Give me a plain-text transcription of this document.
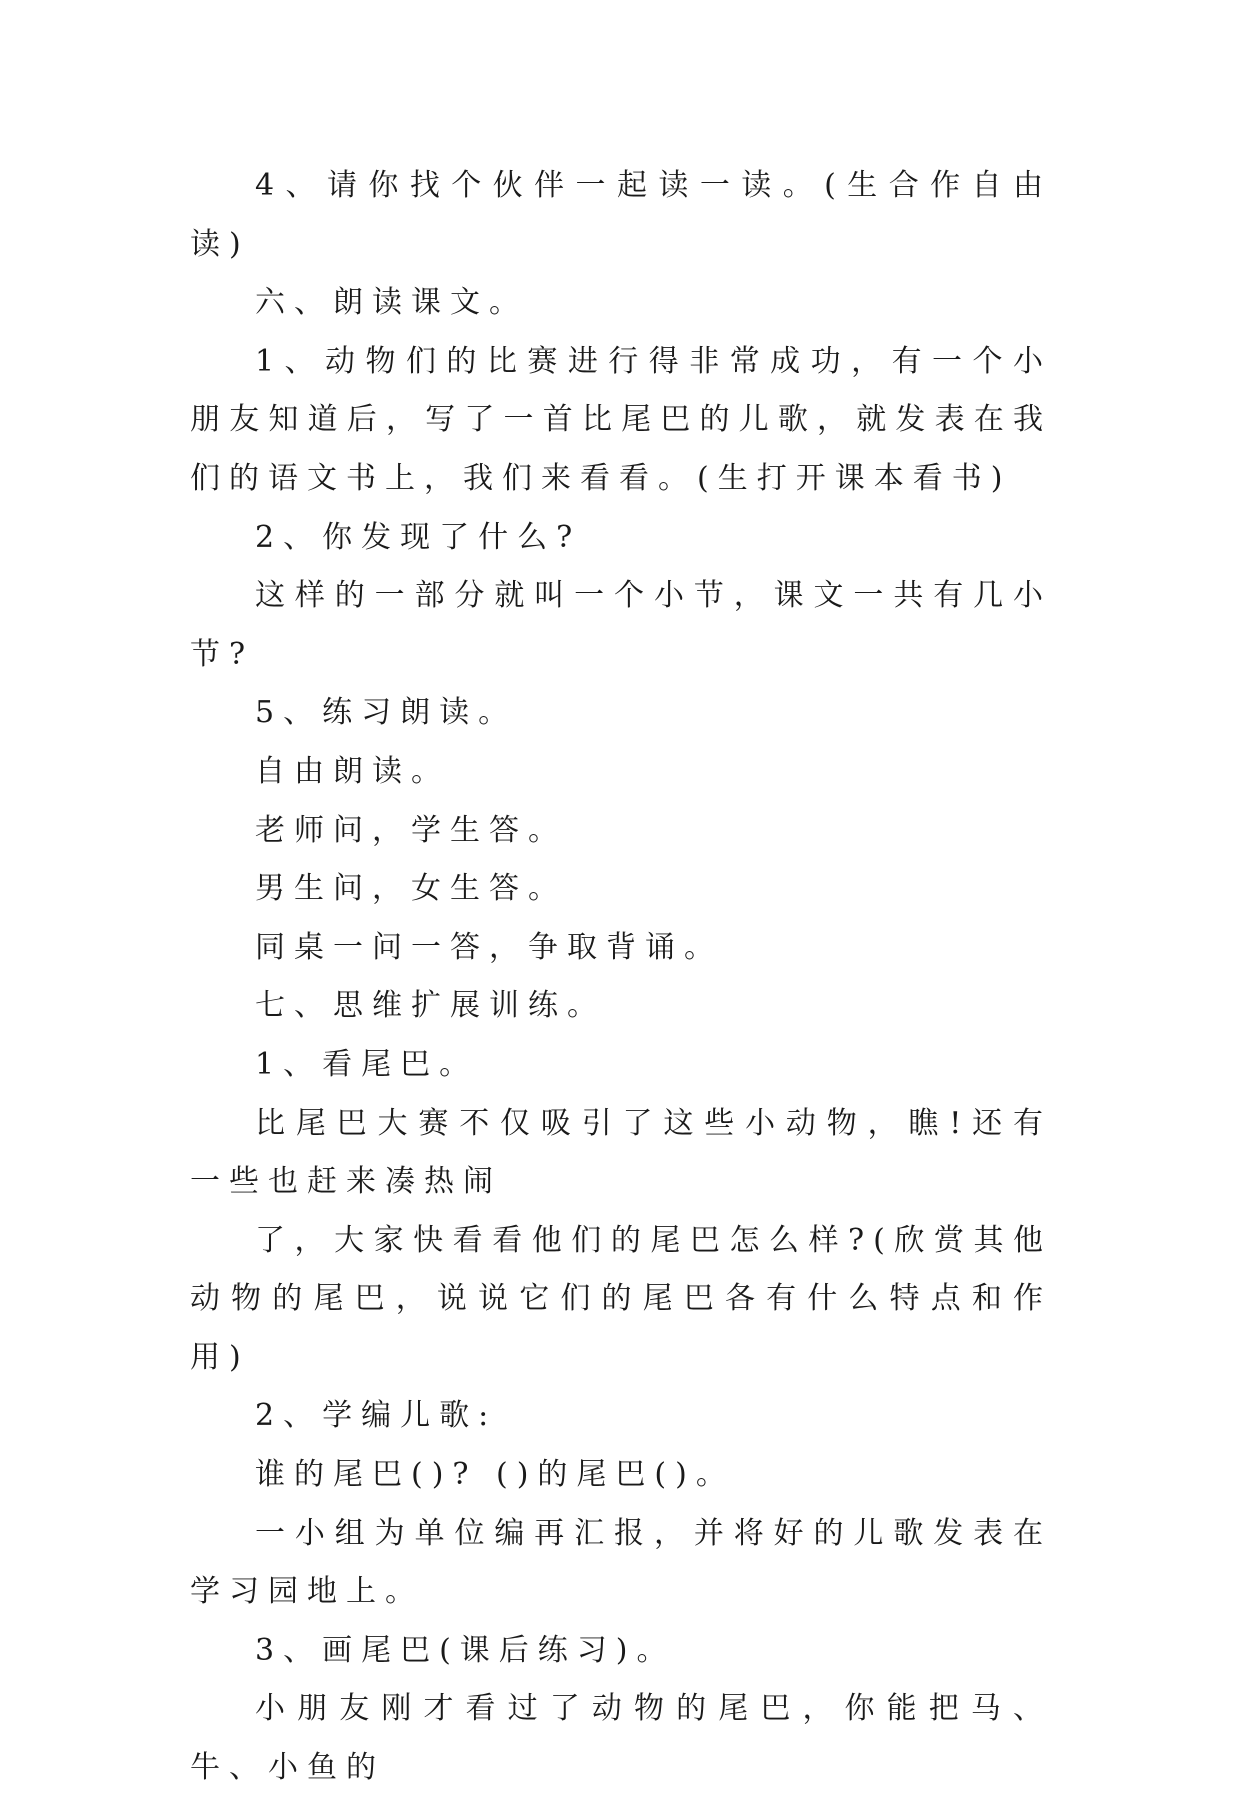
4、请你找个伙伴一起读一读。(生合作自由读)

六、朗读课文。

1、动物们的比赛进行得非常成功，有一个小朋友知道后，写了一首比尾巴的儿歌，就发表在我们的语文书上，我们来看看。(生打开课本看书)

2、你发现了什么?

这样的一部分就叫一个小节，课文一共有几小节?

5、练习朗读。

自由朗读。

老师问，学生答。

男生问，女生答。

同桌一问一答，争取背诵。

七、思维扩展训练。

1、看尾巴。

比尾巴大赛不仅吸引了这些小动物，瞧!还有一些也赶来凑热闹

了，大家快看看他们的尾巴怎么样?(欣赏其他动物的尾巴，说说它们的尾巴各有什么特点和作用)

2、学编儿歌:

谁的尾巴()? ()的尾巴()。

一小组为单位编再汇报，并将好的儿歌发表在学习园地上。

3、画尾巴(课后练习)。

小朋友刚才看过了动物的尾巴，你能把马、牛、小鱼的
